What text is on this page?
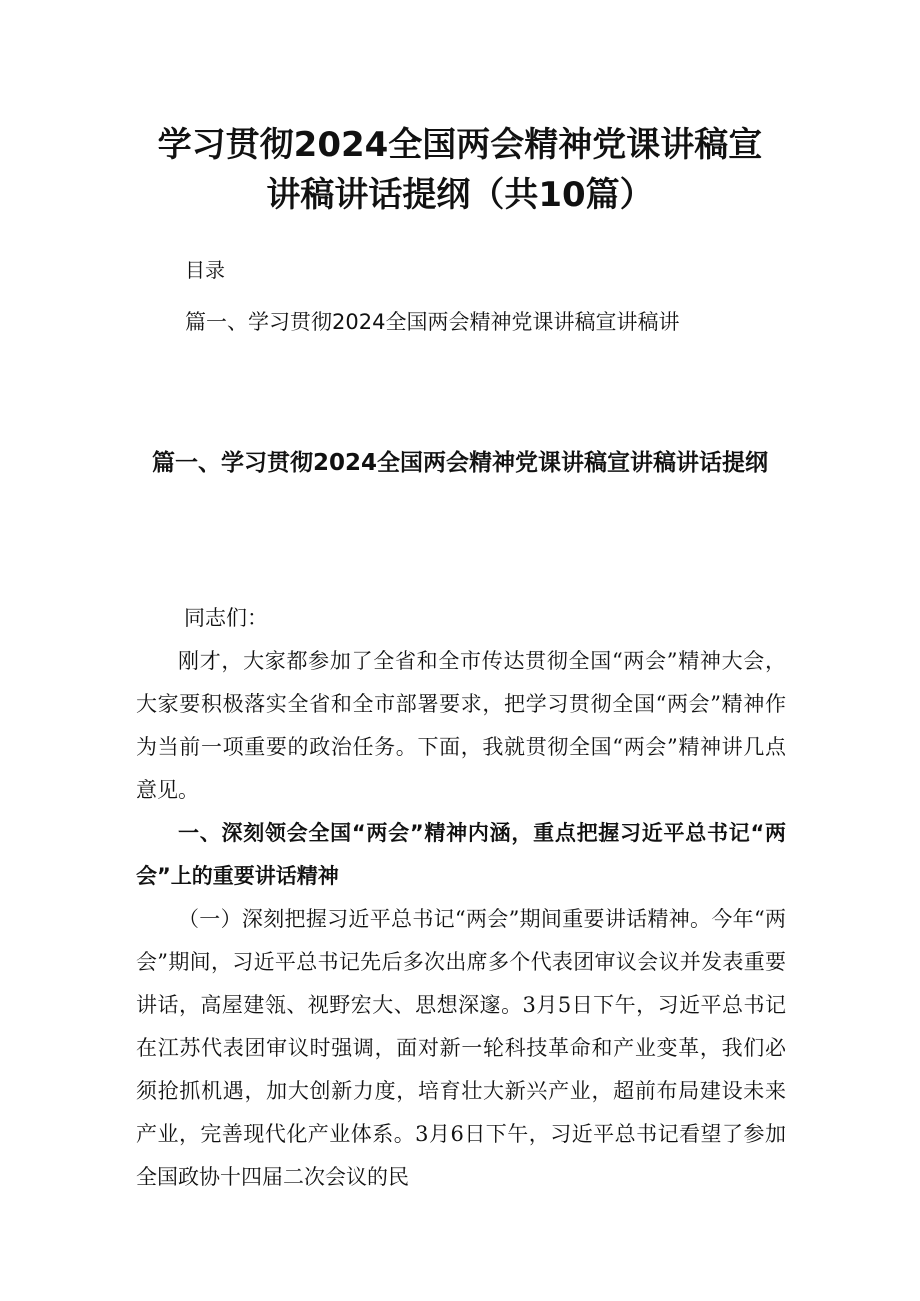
学习贯彻2024全国两会精神党课讲稿宣讲稿讲话提纲（共10篇）
目录
篇一、学习贯彻2024全国两会精神党课讲稿宣讲稿讲
篇一、学习贯彻2024全国两会精神党课讲稿宣讲稿讲话提纲

同志们：

刚才，大家都参加了全省和全市传达贯彻全国“两会”精神大会，大家要积极落实全省和全市部署要求，把学习贯彻全国“两会”精神作为当前一项重要的政治任务。下面，我就贯彻全国“两会”精神讲几点意见。

一、深刻领会全国“两会”精神内涵，重点把握习近平总书记“两会”上的重要讲话精神

（一）深刻把握习近平总书记“两会”期间重要讲话精神。今年“两会”期间，习近平总书记先后多次出席多个代表团审议会议并发表重要讲话，高屋建瓴、视野宏大、思想深邃。3月5日下午，习近平总书记在江苏代表团审议时强调，面对新一轮科技革命和产业变革，我们必须抢抓机遇，加大创新力度，培育壮大新兴产业，超前布局建设未来产业，完善现代化产业体系。3月6日下午，习近平总书记看望了参加全国政协十四届二次会议的民
